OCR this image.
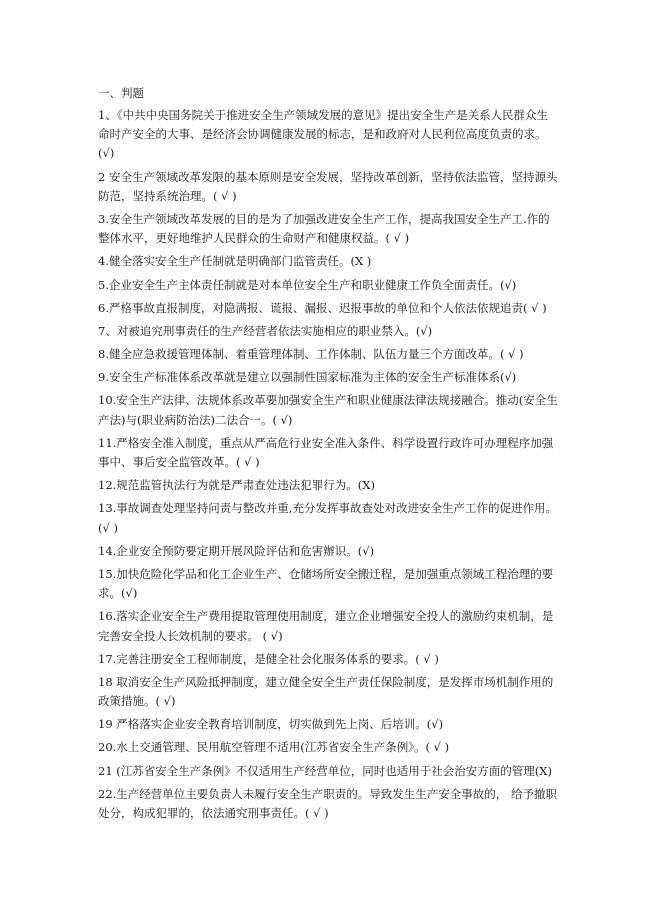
一、判题
1、《中共中央国务院关于推进安全生产领域发展的意见》提出安全生产是关系人民群众生
命时产安全的大事、是经济会协调健康发展的标志，是和政府对人民利位高度负责的求。
(√)
2 安全生产领域改革发限的基本原则是安全发展，坚持改革创新，坚持依法监管，坚持源头
防范，坚持系统治理。( √ )
3.安全生产领域改革发展的目的是为了加强改进安全生产工作，提高我国安全生产工.作的
整体水平，更好地维护人民群众的生命财产和健康权益。( √ )
4.健全落实安全生产任制就是明确部门监管责任。(X )
5.企业安全生产主体责任制就是对本单位安全生产和职业健康工作负全面责任。(√)
6.严格事故直报制度，对隐满报、谎报、漏报、迟报事故的单位和个人依法依规追责( √ )
7、对被追究刑事责任的生产经营者依法实施相应的职业禁入。(√)
8.健全应急救援管理体制、着重管理体制、工作体制、队伍力量三个方面改革。( √ )
9.安全生产标准体系改革就是建立以强制性国家标准为主体的安全生产标准体系(√)
10.安全生产法律、法规体系改革要加强安全生产和职业健康法律法规接融合。推动(安全生
产法)与(职业病防治法)二法合一。( √)
11.严格安全准入制度，重点从严高危行业安全准入条件、科学设置行政许可办理程序加强
事中、事后安全监管改革。( √ )
12.规范监管执法行为就是严肃查处违法犯罪行为。(X)
13.事故调查处理坚持问责与整改并重,充分发挥事故查处对改进安全生产工作的促进作用。
(√ )
14.企业安全预防要定期开展风险评估和危害辦识。(√)
15.加快危险化学品和化工企业生产、仓储场所安全搬迁程，是加强重点领域工程治理的要
求。(√)
16.落实企业安全生产费用提取管理使用制度，建立企业增强安全投人的激励约束机制，是
完善安全投人长效机制的要求。 ( √)
17.完善注册安全工程师制度，是健全社会化服务体系的要求。( √ )
18 取消安全生产风险抵押制度，建立健全安全生产责任保险制度，是发挥市场机制作用的
政策措施。( √)
19 严格落实企业安全教育培训制度，切实做到先上岗、后培训。(√)
20.水上交通管理、民用航空管理不适用(江苏省安全生产条例》。( √ )
21 (江苏省安全生产条例》不仅适用生产经营单位，同时也适用于社会治安方面的管理(X)
22.生产经营单位主要负责人未履行安全生产职责的。导致发生生产安全事故的， 给予撤职
处分，构成犯罪的，依法通究刑事责任。( √ )
